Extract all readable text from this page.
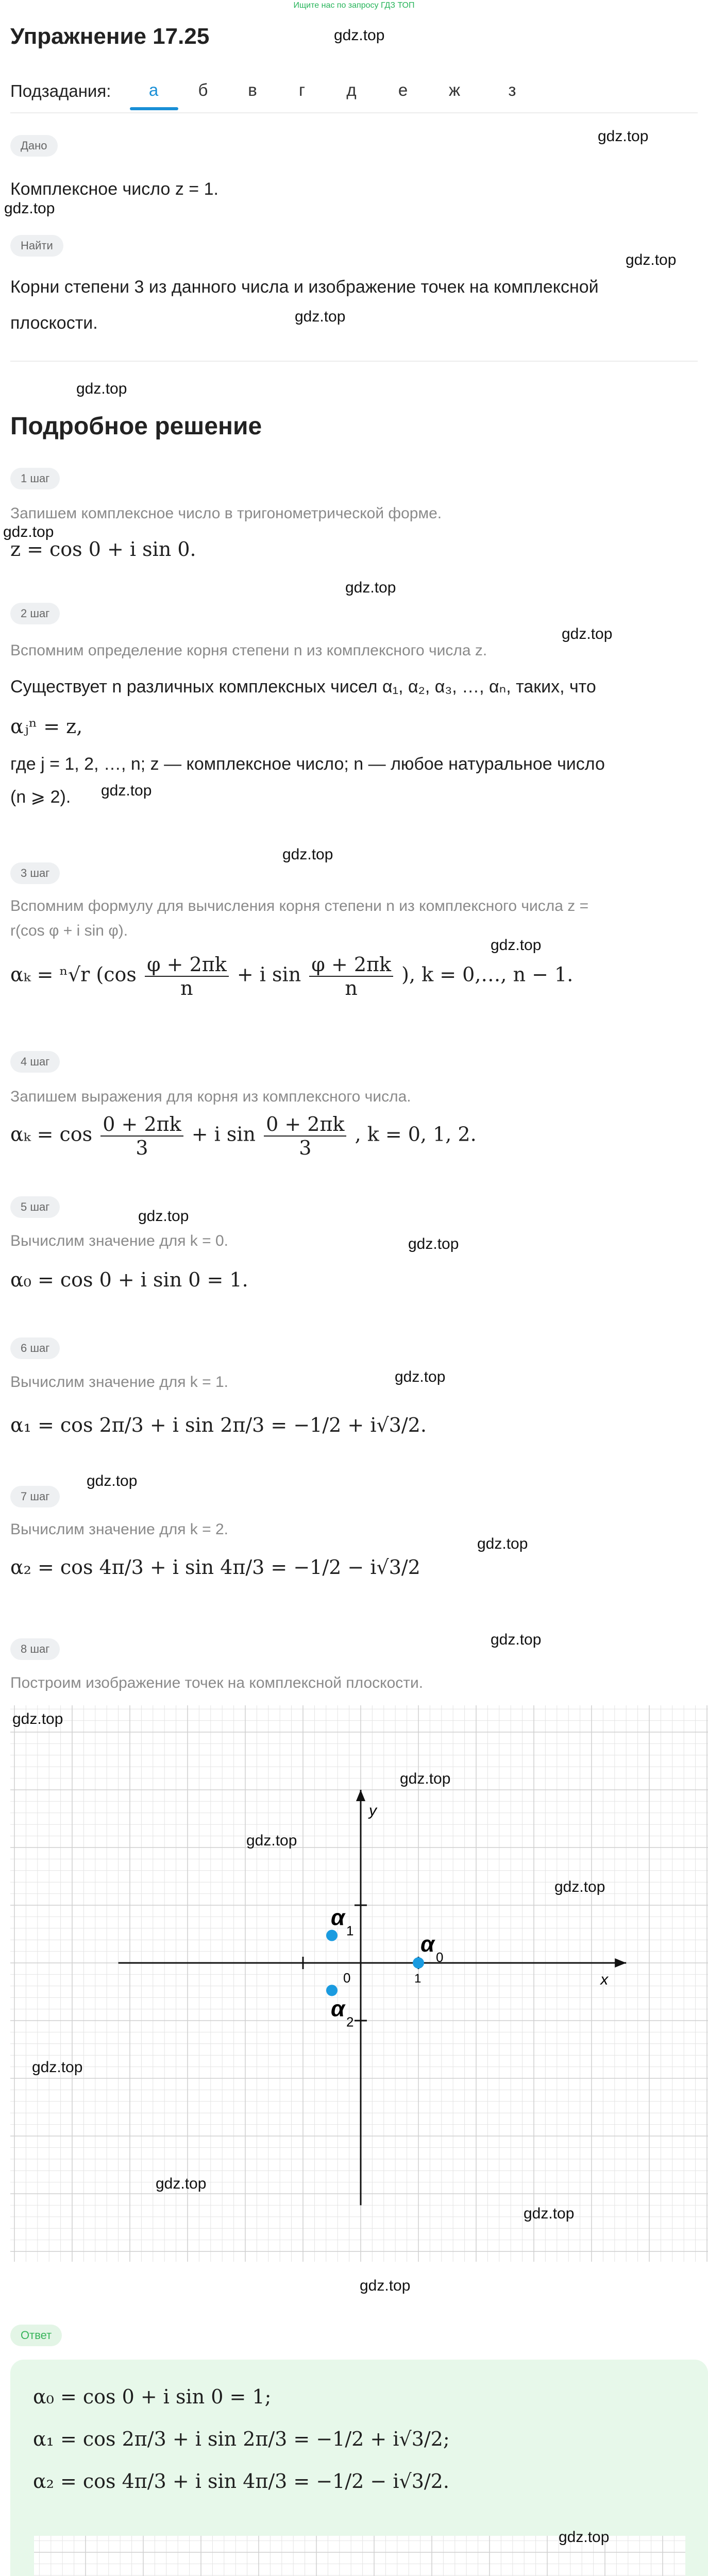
Ищите нас по запросу ГДЗ ТОП
Упражнение 17.25	gdz.top
Подзадания:	а	б	в	г	д	е	ж	з
gdz.top
Дано
Комплексное число z = 1.
gdz.top
Найти
gdz.top
Корни степени 3 из данного числа и изображение точек на комплексной
плоскости.	gdz.top
gdz.top
Подробное решение
1 шаг
Запишем комплексное число в тригонометрической форме.
gdz.top
z = cos 0 + i sin 0.
gdz.top
2 шаг
gdz.top
Вспомним определение корня степени n из комплексного числа z.
Существует n различных комплексных чисел α₁, α₂, α₃, …, αₙ, таких, что
αⱼⁿ = z,
где j = 1, 2, …, n; z — комплексное число; n — любое натуральное число
(n ⩾ 2). gdz.top
gdz.top
3 шаг
Вспомним формулу для вычисления корня степени n из комплексного числа z =
r(cos φ + i sin φ).
gdz.top
αₖ = ⁿ√r ($\cos \frac{\varphi + 2\pi k}{n} + i$ $\sin \frac{\varphi + 2\pi k}{n}$ ), k = 0,…, n − 1.
4 шаг
Запишем выражения для корня из комплексного числа.
$\alpha_k = \cos \frac{0 + 2\pi k}{3} + i$ $\sin \frac{0 + 2\pi k}{3}$ , k = 0, 1, 2.
5 шаг
gdz.top
Вычислим значение для k = 0.	gdz.top
α₀ = cos 0 + i sin 0 = 1.
gdz.top
6 шаг
Вычислим значение для k = 1.
α₁ = cos 2π/3 + i sin 2π/3 = −1/2 + i√3/2.
gdz.top
7 шаг
gdz.top
Вычислим значение для k = 2.
α₂ = cos 4π/3 + i sin 4π/3 = −1/2 − i√3/2
gdz.top
8 шаг
Построим изображение точек на комплексной плоскости.
x
y
0	1
α
0
α
1
α
2
gdz.top
gdz.top
gdz.top
gdz.top
gdz.top
gdz.top
gdz.top
gdz.top
Ответ
α₀ = cos 0 + i sin 0 = 1;
α₁ = cos 2π/3 + i sin 2π/3 = −1/2 + i√3/2;
α₂ = cos 4π/3 + i sin 4π/3 = −1/2 − i√3/2.
gdz.top
